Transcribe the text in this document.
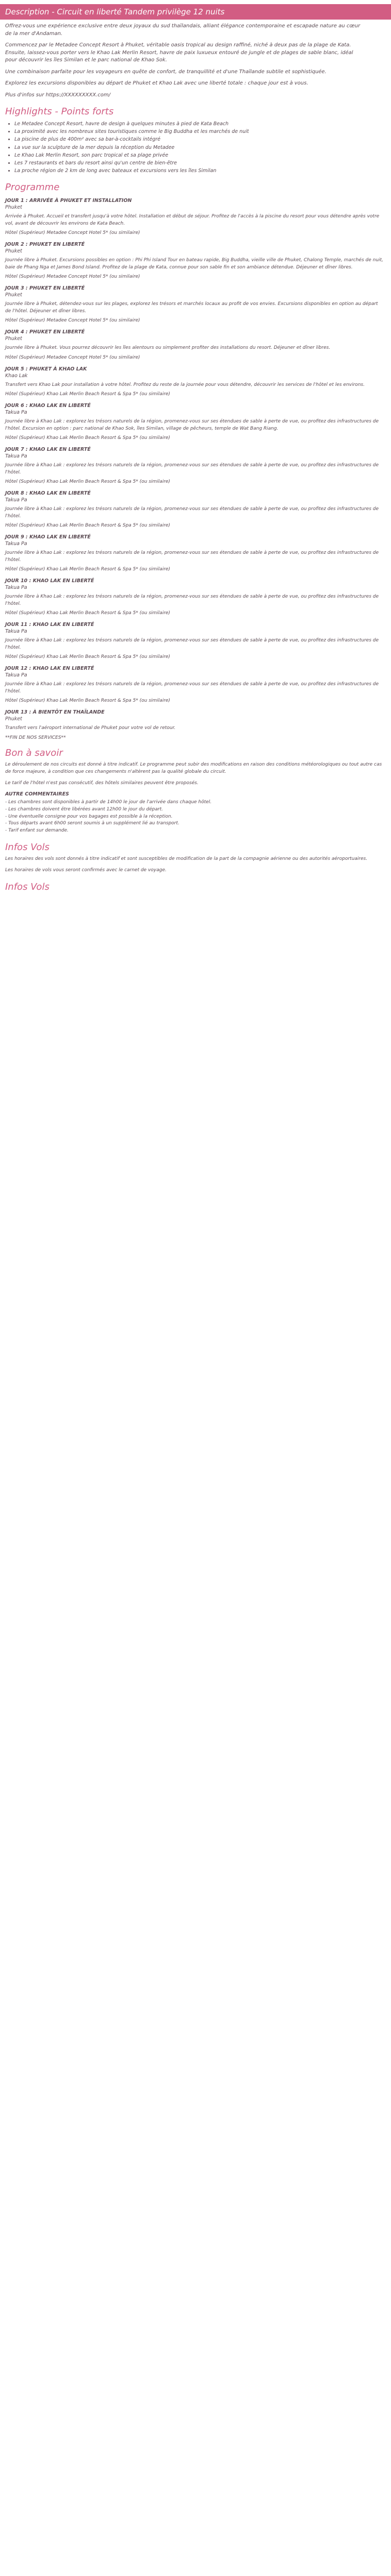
Description - Circuit en liberté Tandem privilège 12 nuits

Offrez-vous une expérience exclusive entre deux joyaux du sud thaïlandais, alliant élégance contemporaine et escapade nature au cœur de la mer d'Andaman.

Commencez par le Metadee Concept Resort à Phuket, véritable oasis tropical au design raffiné, niché à deux pas de la plage de Kata. Ensuite, laissez-vous porter vers le Khao Lak Merlin Resort, havre de paix luxueux entouré de jungle et de plages de sable blanc, idéal pour découvrir les îles Similan et le parc national de Khao Sok.

Une combinaison parfaite pour les voyageurs en quête de confort, de tranquillité et d'une Thaïlande subtile et sophistiquée.

Explorez les excursions disponibles au départ de Phuket et Khao Lak avec une liberté totale : chaque jour est à vous.

Plus d'infos sur https://XXXXXXXXX.com/

Highlights - Points forts
• Le Metadee Concept Resort, havre de design à quelques minutes à pied de Kata Beach
• La proximité avec les nombreux sites touristiques comme le Big Buddha et les marchés de nuit
• La piscine de plus de 400m² avec sa bar-à-cocktails intégré
• La vue sur la sculpture de la mer depuis la réception du Metadee
• Le Khao Lak Merlin Resort, son parc tropical et sa plage privée
• Les 7 restaurants et bars du resort ainsi qu'un centre de bien-être
• La proche région de 2 km de long avec bateaux et excursions vers les îles Similan
Programme
JOUR 1 : ARRIVÉE À PHUKET ET INSTALLATION
Phuket

Arrivée à Phuket. Accueil et transfert jusqu'à votre hôtel. Installation et début de séjour. Profitez de l'accès à la piscine du resort pour vous détendre après votre vol, avant de découvrir les environs de Kata Beach.

Hôtel (Supérieur) Metadee Concept Hotel 5* (ou similaire)

JOUR 2 : PHUKET EN LIBERTÉ
Phuket

Journée libre à Phuket. Excursions possibles en option : Phi Phi Island Tour en bateau rapide, Big Buddha, vieille ville de Phuket, Chalong Temple, marchés de nuit, baie de Phang Nga et James Bond Island. Profitez de la plage de Kata, connue pour son sable fin et son ambiance détendue. Déjeuner et dîner libres.

Hôtel (Supérieur) Metadee Concept Hotel 5* (ou similaire)

JOUR 3 : PHUKET EN LIBERTÉ
Phuket

Journée libre à Phuket, détendez-vous sur les plages, explorez les trésors et marchés locaux au profit de vos envies. Excursions disponibles en option au départ de l'hôtel. Déjeuner et dîner libres.

Hôtel (Supérieur) Metadee Concept Hotel 5* (ou similaire)

JOUR 4 : PHUKET EN LIBERTÉ
Phuket

Journée libre à Phuket. Vous pourrez découvrir les îles alentours ou simplement profiter des installations du resort. Déjeuner et dîner libres.

Hôtel (Supérieur) Metadee Concept Hotel 5* (ou similaire)

JOUR 5 : PHUKET À KHAO LAK
Khao Lak

Transfert vers Khao Lak pour installation à votre hôtel. Profitez du reste de la journée pour vous détendre, découvrir les services de l'hôtel et les environs.

Hôtel (Supérieur) Khao Lak Merlin Beach Resort & Spa 5* (ou similaire)

JOUR 6 : KHAO LAK EN LIBERTÉ
Takua Pa

Journée libre à Khao Lak : explorez les trésors naturels de la région, promenez-vous sur ses étendues de sable à perte de vue, ou profitez des infrastructures de l'hôtel. Excursion en option : parc national de Khao Sok, îles Similan, village de pêcheurs, temple de Wat Bang Riang.

Hôtel (Supérieur) Khao Lak Merlin Beach Resort & Spa 5* (ou similaire)

JOUR 7 : KHAO LAK EN LIBERTÉ
Takua Pa

Journée libre à Khao Lak : explorez les trésors naturels de la région, promenez-vous sur ses étendues de sable à perte de vue, ou profitez des infrastructures de l'hôtel.

Hôtel (Supérieur) Khao Lak Merlin Beach Resort & Spa 5* (ou similaire)

JOUR 8 : KHAO LAK EN LIBERTÉ
Takua Pa

Journée libre à Khao Lak : explorez les trésors naturels de la région, promenez-vous sur ses étendues de sable à perte de vue, ou profitez des infrastructures de l'hôtel.

Hôtel (Supérieur) Khao Lak Merlin Beach Resort & Spa 5* (ou similaire)

JOUR 9 : KHAO LAK EN LIBERTÉ
Takua Pa

Journée libre à Khao Lak : explorez les trésors naturels de la région, promenez-vous sur ses étendues de sable à perte de vue, ou profitez des infrastructures de l'hôtel.

Hôtel (Supérieur) Khao Lak Merlin Beach Resort & Spa 5* (ou similaire)

JOUR 10 : KHAO LAK EN LIBERTÉ
Takua Pa

Journée libre à Khao Lak : explorez les trésors naturels de la région, promenez-vous sur ses étendues de sable à perte de vue, ou profitez des infrastructures de l'hôtel.

Hôtel (Supérieur) Khao Lak Merlin Beach Resort & Spa 5* (ou similaire)

JOUR 11 : KHAO LAK EN LIBERTÉ
Takua Pa

Journée libre à Khao Lak : explorez les trésors naturels de la région, promenez-vous sur ses étendues de sable à perte de vue, ou profitez des infrastructures de l'hôtel.

Hôtel (Supérieur) Khao Lak Merlin Beach Resort & Spa 5* (ou similaire)

JOUR 12 : KHAO LAK EN LIBERTÉ
Takua Pa

Journée libre à Khao Lak : explorez les trésors naturels de la région, promenez-vous sur ses étendues de sable à perte de vue, ou profitez des infrastructures de l'hôtel.

Hôtel (Supérieur) Khao Lak Merlin Beach Resort & Spa 5* (ou similaire)

JOUR 13 : À BIENTÔT EN THAÏLANDE
Phuket

Transfert vers l'aéroport international de Phuket pour votre vol de retour.

**FIN DE NOS SERVICES**

Bon à savoir

Le déroulement de nos circuits est donné à titre indicatif. Le programme peut subir des modifications en raison des conditions météorologiques ou tout autre cas de force majeure, à condition que ces changements n'altèrent pas la qualité globale du circuit.

Le tarif de l'hôtel n'est pas consécutif, des hôtels similaires peuvent être proposés.

AUTRE COMMENTAIRES
- Les chambres sont disponibles à partir de 14h00 le jour de l'arrivée dans chaque hôtel.
- Les chambres doivent être libérées avant 12h00 le jour du départ.
- Une éventuelle consigne pour vos bagages est possible à la réception.
- Tous départs avant 6h00 seront soumis à un supplément lié au transport.
- Tarif enfant sur demande.
Infos Vols

Les horaires des vols sont donnés à titre indicatif et sont susceptibles de modification de la part de la compagnie aérienne ou des autorités aéroportuaires.

Les horaires de vols vous seront confirmés avec le carnet de voyage.

Infos Vols
